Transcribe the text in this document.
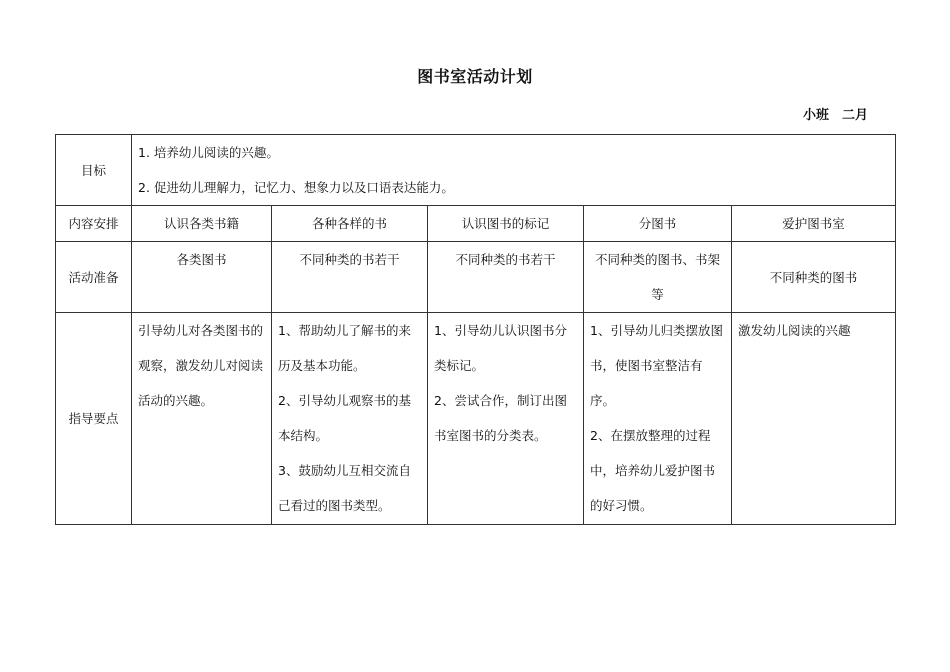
图书室活动计划
小班　二月
目标	1. 培养幼儿阅读的兴趣。
2. 促进幼儿理解力，记忆力、想象力以及口语表达能力。				

内容安排	认识各类书籍	各种各样的书	认识图书的标记	分图书	爱护图书室
活动准备	各类图书	不同种类的书若干	不同种类的书若干	不同种类的图书、书架等	不同种类的图书
指导要点	引导幼儿对各类图书的观察，激发幼儿对阅读活动的兴趣。	1、帮助幼儿了解书的来历及基本功能。
2、引导幼儿观察书的基本结构。
3、鼓励幼儿互相交流自己看过的图书类型。	1、引导幼儿认识图书分类标记。
2、尝试合作，制订出图书室图书的分类表。	1、引导幼儿归类摆放图书，使图书室整洁有序。
2、在摆放整理的过程中，培养幼儿爱护图书的好习惯。	激发幼儿阅读的兴趣
